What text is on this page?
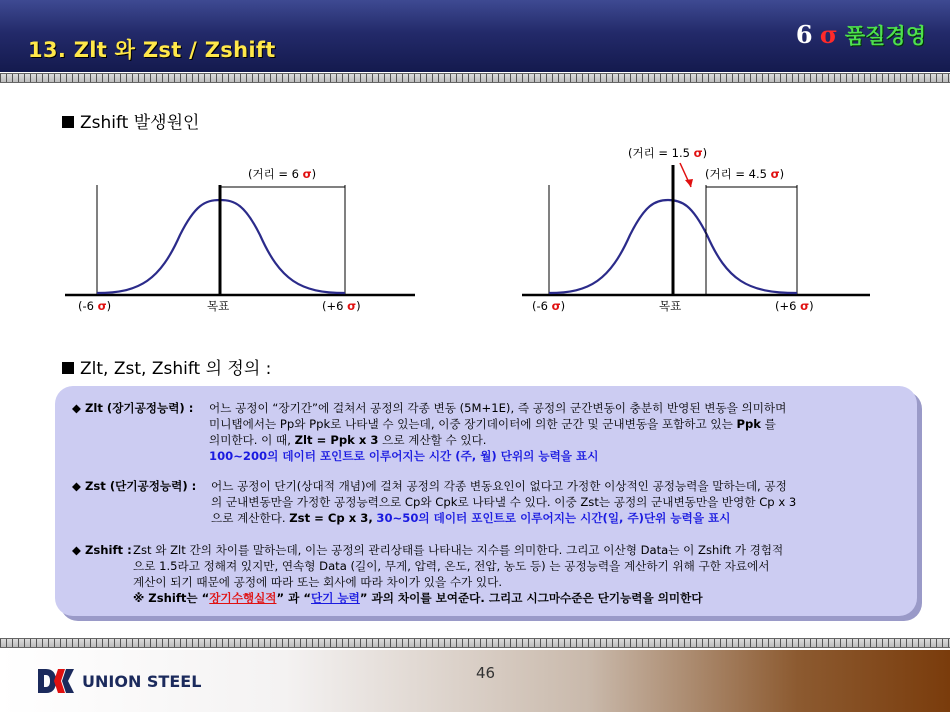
13. Zlt 와 Zst / Zshift
6 σ 품질경영
Zshift 발생원인
(거리 = 6 σ)
(-6 σ)	목표	(+6 σ)
(거리 = 1.5 σ)
(거리 = 4.5 σ)
(-6 σ)	목표	(+6 σ)
Zlt, Zst, Zshift 의 정의 :
◆ Zlt (장기공정능력) : 어느 공정이 “장기간”에 걸쳐서 공정의 각종 변동 (5M+1E), 즉 공정의 군간변동이 충분히 반영된 변동을 의미하며
미니탭에서는 Pp와 Ppk로 나타낼 수 있는데, 이중 장기데이터에 의한 군간 및 군내변동을 포함하고 있는 Ppk 를
의미한다. 이 때, Zlt = Ppk x 3 으로 계산할 수 있다.
100~200의 데이터 포인트로 이루어지는 시간 (주, 월) 단위의 능력을 표시
◆ Zst (단기공정능력) : 어느 공정이 단기(상대적 개념)에 걸쳐 공정의 각종 변동요인이 없다고 가정한 이상적인 공정능력을 말하는데, 공정
의 군내변동만을 가정한 공정능력으로 Cp와 Cpk로 나타낼 수 있다. 이중 Zst는 공정의 군내변동만을 반영한 Cp x 3
으로 계산한다. Zst = Cp x 3, 30~50의 데이터 포인트로 이루어지는 시간(일, 주)단위 능력을 표시
◆ Zshift : Zst 와 Zlt 간의 차이를 말하는데, 이는 공정의 관리상태를 나타내는 지수를 의미한다. 그리고 이산형 Data는 이 Zshift 가 경험적
으로 1.5라고 정해져 있지만, 연속형 Data (길이, 무게, 압력, 온도, 전압, 농도 등) 는 공정능력을 계산하기 위해 구한 자료에서
계산이 되기 때문에 공정에 따라 또는 회사에 따라 차이가 있을 수가 있다.
※ Zshift는 “장기수행실적” 과 “단기 능력” 과의 차이를 보여준다. 그리고 시그마수준은 단기능력을 의미한다
UNION STEEL	46
